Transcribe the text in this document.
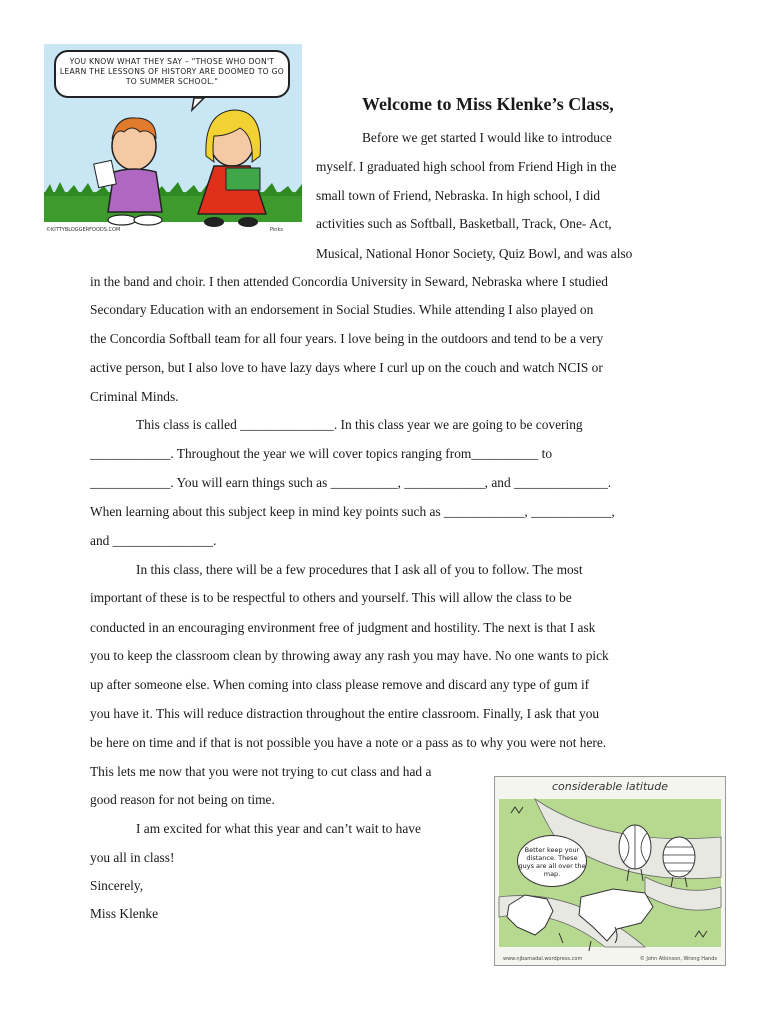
YOU KNOW WHAT THEY SAY – "THOSE WHO DON'T LEARN THE LESSONS OF HISTORY ARE DOOMED TO GO TO SUMMER SCHOOL."
©KITTYBLOGGERFOODS.COM	Pinks
Welcome to Miss Klenke’s Class,
Before we get started I would like to introduce
myself. I graduated high school from Friend High in the
small town of Friend, Nebraska. In high school, I did
activities such as Softball, Basketball, Track, One- Act,
Musical, National Honor Society, Quiz Bowl, and was also
in the band and choir. I then attended Concordia University in Seward, Nebraska where I studied
Secondary Education with an endorsement in Social Studies. While attending I also played on
the Concordia Softball team for all four years. I love being in the outdoors and tend to be a very
active person, but I also love to have lazy days where I curl up on the couch and watch NCIS or
Criminal Minds.
This class is called ______________. In this class year we are going to be covering
____________. Throughout the year we will cover topics ranging from__________ to
____________. You will earn things such as __________, ____________, and ______________.
When learning about this subject keep in mind key points such as ____________, ____________,
and _______________.
In this class, there will be a few procedures that I ask all of you to follow. The most
important of these is to be respectful to others and yourself. This will allow the class to be
conducted in an encouraging environment free of judgment and hostility. The next is that I ask
you to keep the classroom clean by throwing away any rash you may have. No one wants to pick
up after someone else. When coming into class please remove and discard any type of gum if
you have it. This will reduce distraction throughout the entire classroom. Finally, I ask that you
be here on time and if that is not possible you have a note or a pass as to why you were not here.
This lets me now that you were not trying to cut class and had a
good reason for not being on time.
I am excited for what this year and can’t wait to have
you all in class!
Sincerely,
Miss Klenke
considerable latitude
Better keep your distance. These guys are all over the map.
www.njbamadal.wordpress.com	© John Atkinson, Wrong Hands
